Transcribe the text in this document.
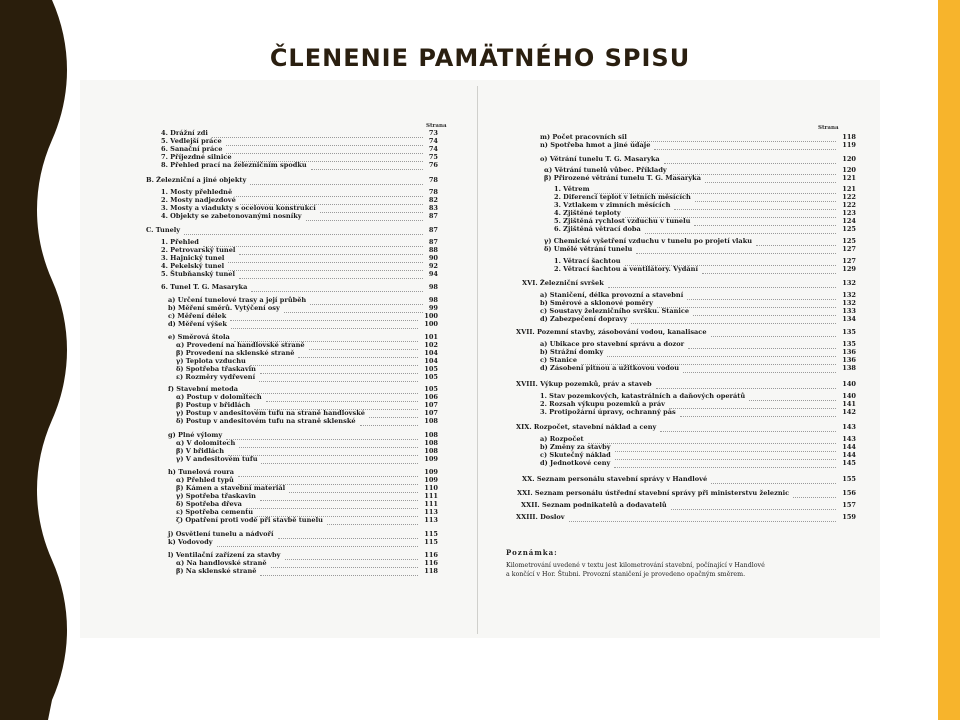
ČLENENIE PAMÄTNÉHO SPISU
Strana
4. Drážní zdi	73
5. Vedlejší práce	74
6. Sanační práce	74
7. Příjezdné silnice	75
8. Přehled prací na železničním spodku	76
B. Železniční a jiné objekty	78
1. Mosty přehledně	78
2. Mosty nadjezdové	82
3. Mosty a viadukty s ocelovou konstrukcí	83
4. Objekty se zabetonovanými nosníky	87
C. Tunely	87
1. Přehled	87
2. Petrovarský tunel	88
3. Hajnický tunel	90
4. Pekelský tunel	92
5. Štubňanský tunel	94
6. Tunel T. G. Masaryka	98
a) Určení tunelové trasy a její průběh	98
b) Měření směrů. Vytýčení osy	99
c) Měření délek	100
d) Měření výšek	100
e) Směrová štola	101
α) Provedení na handlovské straně	102
β) Provedení na sklenské straně	104
γ) Teplota vzduchu	104
δ) Spotřeba třaskavin	105
ε) Rozměry vydřevení	105
f) Stavební metoda	105
α) Postup v dolomitech	106
β) Postup v břidlách	107
γ) Postup v andesitovém tufu na straně handlovské	107
δ) Postup v andesitovém tufu na straně sklenské	108
g) Plné výlomy	108
α) V dolomitech	108
β) V břidlách	108
γ) V andesitovém tufu	109
h) Tunelová roura	109
α) Přehled typů	109
β) Kámen a stavební materiál	110
γ) Spotřeba třaskavin	111
δ) Spotřeba dřeva	111
ε) Spotřeba cementu	113
ζ) Opatření proti vodě při stavbě tunelu	113
j) Osvětlení tunelu a nádvoří	115
k) Vodovody	115
l) Ventilační zařízení za stavby	116
α) Na handlovské straně	116
β) Na sklenské straně	118
Strana
Poznámka:
Kilometrování uvedené v textu jest kilometrování stavební, počínající v Handlové
a končící v Hor. Štubni. Provozní staničení je provedeno opačným směrem.
m) Počet pracovních sil	118
n) Spotřeba hmot a jiné údaje	119
o) Větrání tunelu T. G. Masaryka	120
α) Větrání tunelů vůbec. Příklady	120
β) Přirozené větrání tunelu T. G. Masaryka	121
1. Větrem	121
2. Diferencí teplot v letních měsících	122
3. Vztlakem v zimních měsících	122
4. Zjištěné teploty	123
5. Zjištěná rychlost vzduchu v tunelu	124
6. Zjištěná větrací doba	125
γ) Chemické vyšetření vzduchu v tunelu po projetí vlaku	125
δ) Umělé větrání tunelu	127
1. Větrací šachtou	127
2. Větrací šachtou a ventilátory. Vydání	129
XVI. Železniční svršek	132
a) Staničení, délka provozní a stavební	132
b) Směrové a sklonové poměry	132
c) Soustavy železničního svršku. Stanice	133
d) Zabezpečení dopravy	134
XVII. Pozemní stavby, zásobování vodou, kanalisace	135
a) Ubikace pro stavební správu a dozor	135
b) Strážní domky	136
c) Stanice	136
d) Zásobení pitnou a užitkovou vodou	138
XVIII. Výkup pozemků, práv a staveb	140
1. Stav pozemkových, katastrálních a daňových operátů	140
2. Rozsah výkupu pozemků a práv	141
3. Protipožární úpravy, ochranný pás	142
XIX. Rozpočet, stavební náklad a ceny	143
a) Rozpočet	143
b) Změny za stavby	144
c) Skutečný náklad	144
d) Jednotkové ceny	145
XX. Seznam personálu stavební správy v Handlové	155
XXI. Seznam personálu ústřední stavební správy při ministerstvu železnic	156
XXII. Seznam podnikatelů a dodavatelů	157
XXIII. Doslov	159
